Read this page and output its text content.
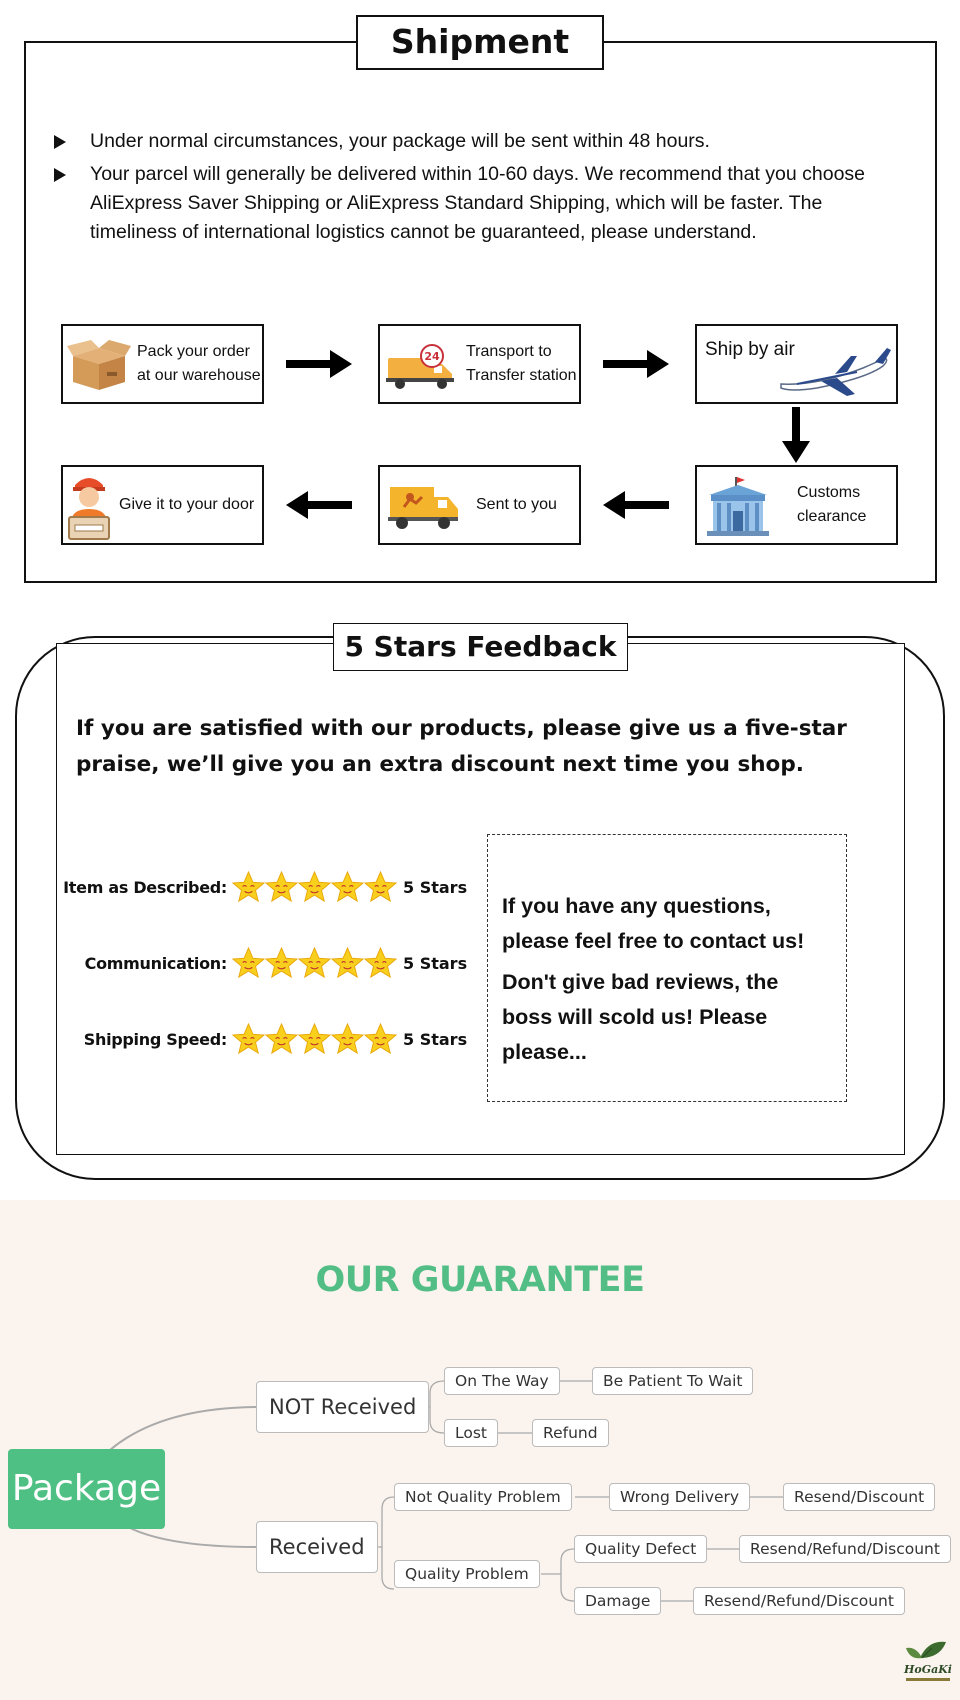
Shipment
Under normal circumstances, your package will be sent within 48 hours.
Your parcel will generally be delivered within 10-60 days. We recommend that you choose AliExpress Saver Shipping or AliExpress Standard Shipping, which will be faster. The timeliness of international logistics cannot be guaranteed, please understand.
Pack your order
at our warehouse
24 Transport to
Transfer station
Ship by air
Customs
clearance
Sent to you
Give it to your door
5 Stars Feedback
If you are satisfied with our products, please give us a five-star praise, we’ll give you an extra discount next time you shop.
Item as Described:	5 Stars
Communication:	5 Stars
Shipping Speed:	5 Stars

If you have any questions, please feel free to contact us!

Don't give bad reviews, the boss will scold us! Please please...

OUR GUARANTEE
Package
NOT Received
On The Way	Be Patient To Wait
Lost	Refund
Received
Not Quality Problem	Wrong Delivery	Resend/Discount
Quality Problem
Quality Defect	Resend/Refund/Discount
Damage	Resend/Refund/Discount
HoGaKi
